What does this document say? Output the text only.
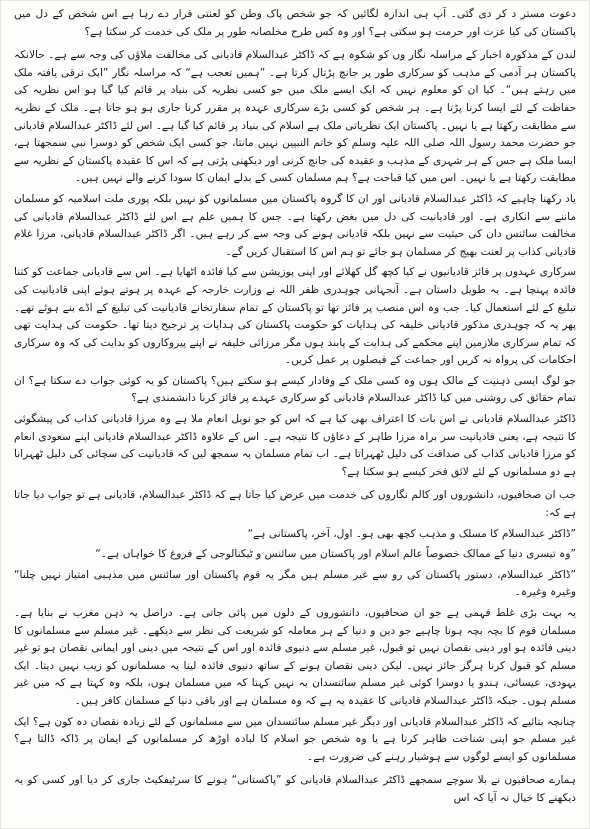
دعوت مستر د کر دی گئی۔ آپ ہی اندازہ لگائیں کہ جو شخص پاک وطن کو لعنتی قرار دے رہا ہے اس شخص کے دل میں پاکستان کی کیا عزت اور حرمت ہو سکتی ہے؟ اور وہ کس طرح مخلصانہ طور پر ملک کی خدمت کر سکتا ہے؟

لندن کے مذکورہ اخبار کے مراسلہ نگار وں کو شکوہ ہے کہ ڈاکٹر عبدالسلام قادیانی کی مخالفت ملاؤں کی وجہ سے ہے۔ حالانکہ پاکستان ہر آدمی کے مذہب کو سرکاری طور پر جانچ پڑتال کرتا ہے۔ ”ہمیں تعجب ہے“ کہ مراسلہ نگار ”ایک ترقی یافتہ ملک میں رہتے ہیں“۔ کیا ان کو معلوم نہیں کہ ایک ایسے ملک میں جو کسی نظریہ کی بنیاد پر قائم کیا گیا ہو اس نظریہ کی حفاظت کے لئے ایسا کرنا پڑتا ہے۔ ہر شخص کو کسی بڑے سرکاری عہدہ پر مقرر کرنا جاری ہو ہو جاتا ہے۔ ملک کے نظریہ سے مطابقت رکھتا ہے یا نہیں۔ پاکستان ایک نظریاتی ملک ہے اسلام کی بنیاد پر قائم کیا گیا ہے۔ اس لئے ڈاکٹر عبدالسلام قادیانی جو حضرت محمد رسول اللہ صلی اللہ علیہ وسلم کو خاتم النبیین نہیں مانتا، جو کسی ایک شخص کو دوسرا نبی سمجھتا ہے، ایسا ملک ہے جس کے ہر شہری کے مذہب و عقیدہ کی جانچ کرنی اور دیکھنی پڑتی ہے کہ اس کا عقیدہ پاکستان کے نظریہ سے مطابقت رکھتا ہے یا نہیں۔ اس میں کیا قباحت ہے؟ ہم مسلمان کسی کے بدلے ایمان کا سودا کرنے والے نہیں ہیں۔

یاد رکھنا چاہیے کہ ڈاکٹر عبدالسلام قادیانی اور ان کا گروہ پاکستان میں مسلمانوں کو نہیں بلکہ پوری ملت اسلامیہ کو مسلمان ماننے سے انکاری ہے۔ اور قادیانیت کی دل میں بغض رکھتا ہے۔ جس کا ہمیں علم ہے اس لئے ڈاکٹر عبدالسلام قادیانی کی مخالفت سائنس دان کی حیثیت سے نہیں بلکہ قادیانی ہونے کی وجہ سے کر رہے ہیں۔ اگر ڈاکٹر عبدالسلام قادیانی، مرزا غلام قادیانی کذاب پر لعنت بھیج کر مسلمان ہو جائے تو ہم اس کا استقبال کریں گے۔

سرکاری عہدوں پر فائز قادیانیوں نے کیا کچھ گل کھلائے اور اپنی پوزیشن سے کیا فائدہ اٹھایا ہے۔ اس سے قادیانی جماعت کو کتنا فائدہ پہنچا ہے۔ یہ طویل داستان ہے۔ آنجہانی چوہدری ظفر اللہ نے وزارت خارجہ کے عہدہ پر ہوتے ہوئے اپنی قادیانیت کی تبلیغ کے لئے استعمال کیا۔ جب وہ اس منصب پر فائز تھا تو پاکستان کے تمام سفارتخانے قادیانیت کی تبلیغ کے اڈے بنے ہوئے تھے۔ پھر یہ کہ چوہدری مذکور قادیانی خلیفہ کی ہدایات کو حکومت پاکستان کی ہدایات پر ترجیح دیتا تھا۔ حکومت کی ہدایت تھی کہ تمام سرکاری ملازمین اپنے محکمے کی ہدایت کے پابند ہوں مگر مرزائی خلیفہ نے اپنے پیروکاروں کو بدایت کی کہ وہ سرکاری احکامات کی پرواہ نہ کریں اور جماعت کے فیصلوں پر عمل کریں۔

جو لوگ ایسی ذہنیت کے مالک ہوں وہ کسی ملک کے وفادار کیسے ہو سکتے ہیں؟ پاکستان کو یہ کوئی جواب دے سکتا ہے؟ ان تمام حقائق کی روشنی میں کیا ڈاکٹر عبدالسلام قادیانی کو سرکاری عہدے پر فائز کرنا دانشمندی ہے؟

ڈاکٹر عبدالسلام قادیانی نے اس بات کا اعتراف بھی کیا ہے کہ اس کو جو نوبل انعام ملا ہے وہ مرزا قادیانی کذاب کی پیشگوئی کا نتیجہ ہے، یعنی قادیانیت سر براہ مرزا طاہر کے دعاؤں کا نتیجہ ہے۔ اس کے علاوہ ڈاکٹر عبدالسلام قادیانی اپنے سعودی انعام کو مرزا قادیانی کذاب کی صداقت کی دلیل ٹھہراتا ہے۔ اب تمام مسلمان یہ سمجھ لیں کہ قادیانیت کی سچائی کی دلیل ٹھہرانا ہے دو مسلمانوں کے لئے لائق فخر کیسے ہو سکتا ہے؟

جب ان صحافیوں، دانشوروں اور کالم نگاروں کی خدمت میں عرض کیا جاتا ہے کہ ڈاکٹر عبدالسلام، قادیانی ہے تو جواب دیا جاتا ہے کہ:

”ڈاکٹر عبدالسلام کا مسلک و مذہب کچھ بھی ہو۔ اول، آخر، پاکستانی ہے“

”وہ تیسری دنیا کے ممالک خصوصاً عالم اسلام اور پاکستان میں سائنس و ٹیکنالوجی کے فروغ کا خواہاں ہے۔“

”ڈاکٹر عبدالسلام، دستور پاکستان کی رو سے غیر مسلم ہیں مگر یہ قوم پاکستان اور سائنس میں مذہبی امتیاز نہیں چلنا“ وغیرہ وغیرہ۔

یہ بہت بڑی غلط فہمی ہے جو ان صحافیوں، دانشوروں کے دلوں میں پائی جاتی ہے۔ دراصل یہ ذہن مغرب نے بنایا ہے۔ مسلمان قوم کا بچہ بچہ ہونا چاہیے جو دین و دنیا کے ہر معاملہ کو شریعت کی نظر سے دیکھے۔ غیر مسلم سے مسلمانوں کا دینی فائدہ ہو اور دینی نقصان نہیں تو قبول، غیر مسلم سے دنیوی فائدہ اور اس کے نتیجہ میں دینی اور ایمانی نقصان ہو تو غیر مسلم کو قبول کرنا ہرگز جائز نہیں۔ لیکن دینی نقصان ہونے کے ساتھ دنیوی فائدہ لینا یہ مسلمانوں کو زیب نہیں دیتا۔ ایک یہودی، عیسائی، ہندو یا دوسرا کوئی غیر مسلم سائنسدان یہ نہیں کہتا کہ میں مسلمان ہوں، بلکہ وہ کہتا ہے کہ میں غیر مسلم ہوں۔ جبکہ ڈاکٹر عبدالسلام قادیانی کا عقیدہ یہ ہے کہ وہ مسلمان ہے اور باقی دنیا کے مسلمان کافر ہیں۔

چنانچہ بتائیے کہ ڈاکٹر عبدالسلام قادیانی اور دیگر غیر مسلم سائنسدان میں سے مسلمانوں کے لئے زیادہ نقصان دہ کون ہے؟ ایک غیر مسلم جو اپنی شناخت ظاہر کرتا ہے یا وہ شخص جو اسلام کا لبادہ اوڑھ کر مسلمانوں کے ایمان پر ڈاکہ ڈالتا ہے؟ مسلمانوں کو ایسے لوگوں سے ہوشیار رہنے کی ضرورت ہے۔

ہمارے صحافیوں نے بلا سوچے سمجھے ڈاکٹر عبدالسلام قادیانی کو ”پاکستانی“ ہونے کا سرٹیفکیٹ جاری کر دیا اور کسی کو یہ دیکھنے کا خیال نہ آیا کہ اس
